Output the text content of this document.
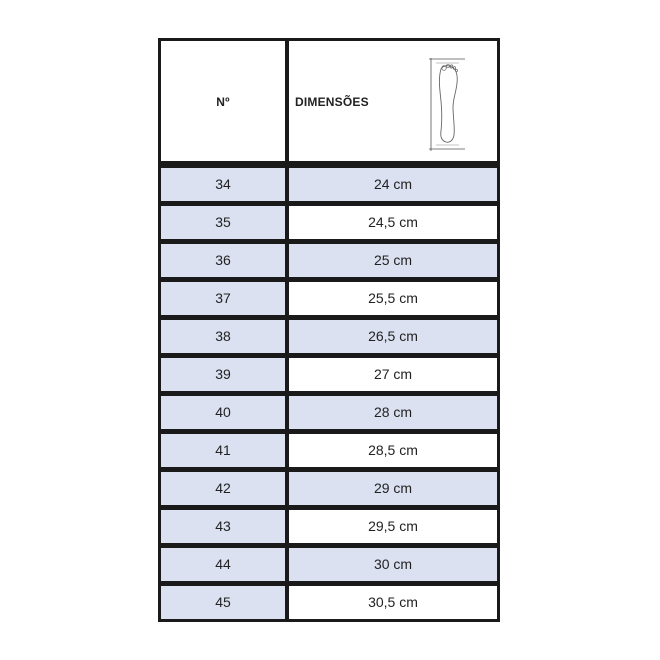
Nº	DIMENSÕES
34	24 cm
35	24,5 cm
36	25 cm
37	25,5 cm
38	26,5 cm
39	27 cm
40	28 cm
41	28,5 cm
42	29 cm
43	29,5 cm
44	30 cm
45	30,5 cm
